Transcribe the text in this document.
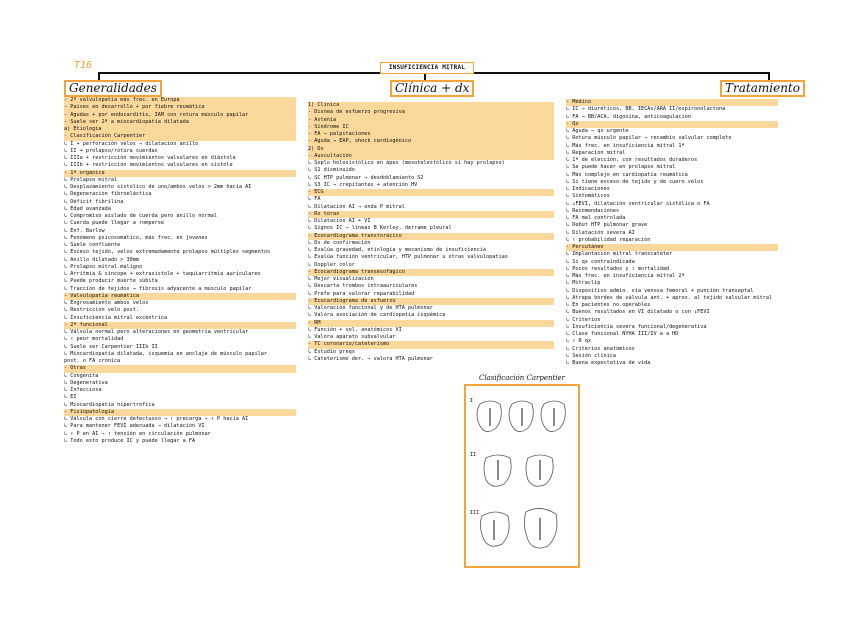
T16	INSUFICIENCIA MITRAL
Generalidades	Clínica + dx	Tratamiento
- 2ª valvulopatía más frec. en Europa
- Países en desarrollo + por fiebre reumática
- Agudas + por endocarditis, IAM con rotura músculo papilar
- Suele ser 2ª a miocardiopatía dilatada
a) Etiología
- Clasificación Carpentier
↳ I + perforación velos → dilatación anillo
↳ II + prolapso/rotura cuerdas
↳ IIIa + restricción movimientos valvulares en diástole
↳ IIIb + restricción movimientos valvulares en sístole
- 1ª orgánica
↳ Prolapso mitral
↳ Desplazamiento sistólico de uno/ambos velos > 2mm hacia AI
↳ Degeneración fibroelástica
↳ Déficit fibrilina
↳ Edad avanzada
↳ Compromiso aislado de cuerda pero anillo normal
↳ Cuerda puede llegar a romperse
↳ Enf. Barlow
↳ Fenómeno psicosomático, más frec. en jóvenes
↳ Suele confluente
↳ Exceso tejido, velos extremadamente prolapso múltiples segmentos
↳ Anillo dilatado > 30mm
↳ Prolapso mitral maligno
↳ Arritmia & síncope + extrasístole + taquiarritmia auriculares
↳ Puede producir muerte súbita
↳ Tracción de tejidos → fibrosis adyacente a músculo papilar
- Valvulopatía reumática
↳ Engrosamiento ambos velos
↳ Restricción velo post.
↳ Insuficiencia mitral excéntrica
- 2ª funcional
↳ Válvula normal pero alteraciones en geometría ventricular
↳ ↑ peor mortalidad
↳ Suele ser Carpentier IIIb II
↳ Miocardiopatía dilatada, isquemia en anclaje de músculo papilar
post. o FA crónica
- Otras
↳ Congénita
↳ Degenerativa
↳ Infecciosa
↳ EI
↳ Miocardiopatía hipertrófica
- Fisiopatología
↳ Válvula con cierre defectuoso → ↑ precarga → ↑ P hacia AI
↳ Para mantener FEVI adecuada → dilatación VI
↳ ↑ P en AI → ↑ tensión en circulación pulmonar
↳ Todo esto produce IC y puede llegar a FA
1) Clínica
- Disnea de esfuerzo progresiva
- Astenia
- Síndrome IC
- FA → palpitaciones
- Aguda → EAP, shock cardiogénico
2) Dx
- Auscultación
↳ Soplo holosistólico en ápex (mesotelestólico si hay prolapso)
↳ S1 disminuido
↳ SC HTP pulmonar → desdoblamiento S2
↳ S3 IC → crepitantes + atención HV
- ECG
↳ FA
↳ Dilatación AI → onda P mitral
- Rx tórax
↳ Dilatación AI + VI
↳ Signos IC → líneas B Kerley, derrame pleural
- Ecocardiograma transtorácico
↳ Dx de confirmación
↳ Evalúa gravedad, etiología y mecanismo de insuficiencia
↳ Evalúa función ventricular, HTP pulmonar u otras valvulopatías
↳ Doppler color
- Ecocardiograma transesofágico
↳ Mejor visualización
↳ Descarta trombos intraauriculares
↳ Prefe para valorar reparabilidad
- Ecocardiograma de esfuerzo
↳ Valoración funcional y de HTA pulmonar
↳ Valora asociación de cardiopatía isquémica
- RM
↳ Función + vol. anatómicos VI
↳ Valora aparato subvalvular
- TC coronario/cateterismo
↳ Estudio preqx
↳ Cateterismo der. → valora HTA pulmonar
- Médico
↳ IC → diuréticos, BB, IECAs/ARA II/espironolactona
↳ FA → BB/ACA, digoxina, anticoagulación
- Qx
↳ Aguda → qx urgente
↳ Rotura músculo papilar → recambio valvular completo
↳ Más frec. en insuficiencia mitral 1ª
↳ Reparación mitral
↳ 1ª de elección, con resultados duraderos
↳ Se puede hacer en prolapso mitral
↳ Más complejo en cardiopatía reumática
↳ Si tiene exceso de tejido y de cuero velos
↳ Indicaciones
↳ Sintomáticos
↳ ↓FEVI, dilatación ventricular sistólica o FA
↳ Recomendaciones
↳ FA mal controlada
↳ Debut HTP pulmonar grave
↳ Dilatación severa AI
↳ ↑ probabilidad reparación
- Percutáneo
↳ Implantación mitral transcatéter
↳ Si qx contraindicada
↳ Pocos resultados y ↑ mortalidad
↳ Más frec. en insuficiencia mitral 2ª
↳ Mitraclip
↳ Dispositivo admin. vía venosa femoral + punción transeptal
↳ Atrapa bordes de válvula ant. + aprox. al tejido valvular mitral
↳ En pacientes no operables
↳ Buenos resultados en VI dilatado o con ↓FEVI
↳ Criterios
↳ Insuficiencia severa funcional/degenerativa
↳ Clase funcional NYHA III/IV a a HD
↳ ↑ R qx
↳ Criterios anatómicos
↳ Sesión clínica
↳ Buena expectativa de vida
I
II
III
Clasificación Carpentier
